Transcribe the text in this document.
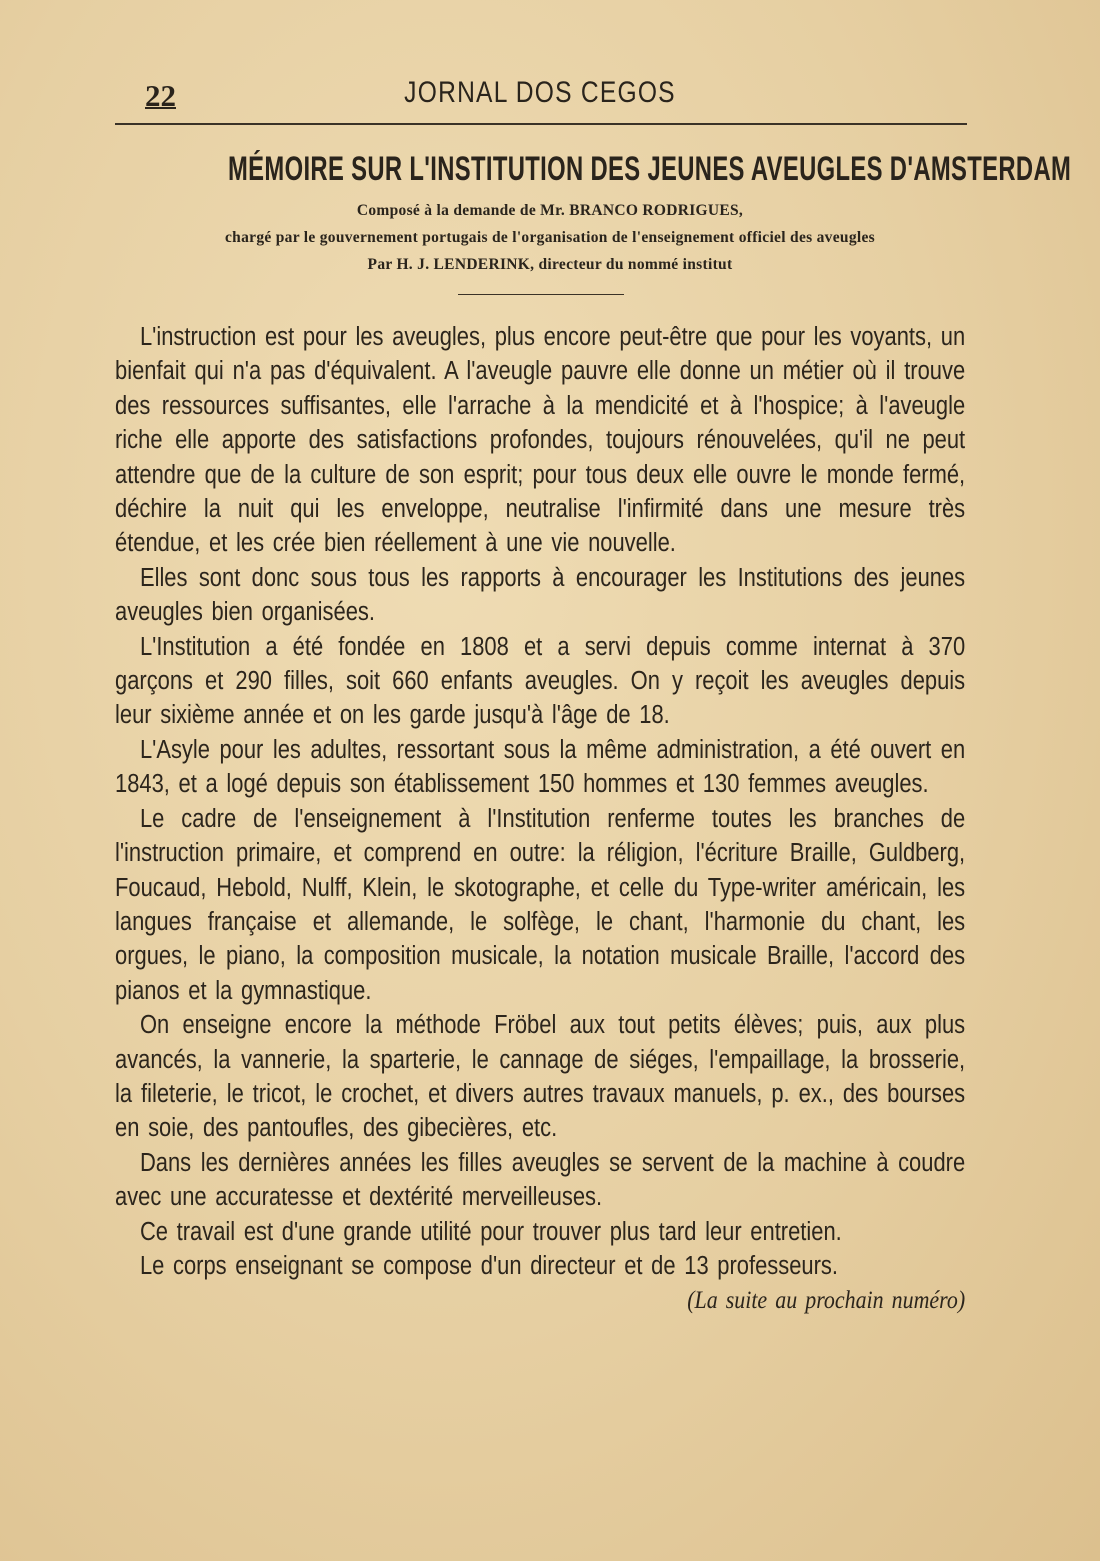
22	JORNAL DOS CEGOS
MÉMOIRE SUR L'INSTITUTION DES JEUNES AVEUGLES D'AMSTERDAM
Composé à la demande de Mr. BRANCO RODRIGUES,
chargé par le gouvernement portugais de l'organisation de l'enseignement officiel des aveugles
Par H. J. LENDERINK, directeur du nommé institut

L'instruction est pour les aveugles, plus encore peut-être que pour les voyants, un bienfait qui n'a pas d'équivalent. A l'aveugle pauvre elle donne un métier où il trouve des ressources suffisantes, elle l'arrache à la mendicité et à l'hospice; à l'aveugle riche elle apporte des satisfactions profondes, toujours rénouvelées, qu'il ne peut attendre que de la culture de son esprit; pour tous deux elle ouvre le monde fermé, déchire la nuit qui les enveloppe, neutralise l'infirmité dans une mesure très étendue, et les crée bien réellement à une vie nouvelle.

Elles sont donc sous tous les rapports à encourager les Institutions des jeunes aveugles bien organisées.

L'Institution a été fondée en 1808 et a servi depuis comme internat à 370 garçons et 290 filles, soit 660 enfants aveugles. On y reçoit les aveugles depuis leur sixième année et on les garde jusqu'à l'âge de 18.

L'Asyle pour les adultes, ressortant sous la même administration, a été ouvert en 1843, et a logé depuis son établissement 150 hommes et 130 femmes aveugles.

Le cadre de l'enseignement à l'Institution renferme toutes les branches de l'instruction primaire, et comprend en outre: la réligion, l'écriture Braille, Guldberg, Foucaud, Hebold, Nulff, Klein, le skotographe, et celle du Type-writer américain, les langues française et allemande, le solfège, le chant, l'harmonie du chant, les orgues, le piano, la composition musicale, la notation musicale Braille, l'accord des pianos et la gymnastique.

On enseigne encore la méthode Fröbel aux tout petits élèves; puis, aux plus avancés, la vannerie, la sparterie, le cannage de siéges, l'empaillage, la brosserie, la fileterie, le tricot, le crochet, et divers autres travaux manuels, p. ex., des bourses en soie, des pantoufles, des gibecières, etc.

Dans les dernières années les filles aveugles se servent de la machine à coudre avec une accuratesse et dextérité merveilleuses.

Ce travail est d'une grande utilité pour trouver plus tard leur entretien.

Le corps enseignant se compose d'un directeur et de 13 professeurs.

(La suite au prochain numéro)
